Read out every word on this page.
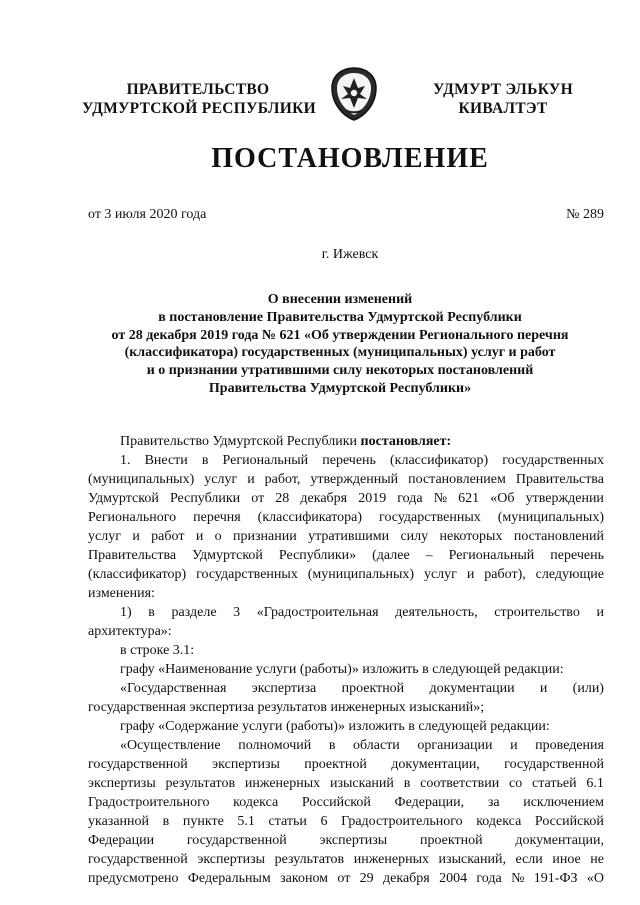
ПРАВИТЕЛЬСТВО
УДМУРТСКОЙ РЕСПУБЛИКИ
УДМУРТ ЭЛЬКУН
КИВАЛТЭТ
ПОСТАНОВЛЕНИЕ
от 3 июля 2020 года	№ 289
г. Ижевск
О внесении изменений
в постановление Правительства Удмуртской Республики
от 28 декабря 2019 года № 621 «Об утверждении Регионального перечня
(классификатора) государственных (муниципальных) услуг и работ
и о признании утратившими силу некоторых постановлений
Правительства Удмуртской Республики»
Правительство Удмуртской Республики постановляет:
1. Внести в Региональный перечень (классификатор) государственных
(муниципальных) услуг и работ, утвержденный постановлением Правительства
Удмуртской Республики от 28 декабря 2019 года № 621 «Об утверждении
Регионального перечня (классификатора) государственных (муниципальных)
услуг и работ и о признании утратившими силу некоторых постановлений
Правительства Удмуртской Республики» (далее – Региональный перечень
(классификатор) государственных (муниципальных) услуг и работ), следующие
изменения:
1) в разделе 3 «Градостроительная деятельность, строительство и
архитектура»:
в строке 3.1:
графу «Наименование услуги (работы)» изложить в следующей редакции:
«Государственная экспертиза проектной документации и (или)
государственная экспертиза результатов инженерных изысканий»;
графу «Содержание услуги (работы)» изложить в следующей редакции:
«Осуществление полномочий в области организации и проведения
государственной экспертизы проектной документации, государственной
экспертизы результатов инженерных изысканий в соответствии со статьей 6.1
Градостроительного кодекса Российской Федерации, за исключением
указанной в пункте 5.1 статьи 6 Градостроительного кодекса Российской
Федерации государственной экспертизы проектной документации,
государственной экспертизы результатов инженерных изысканий, если иное не
предусмотрено Федеральным законом от 29 декабря 2004 года № 191-ФЗ «О
